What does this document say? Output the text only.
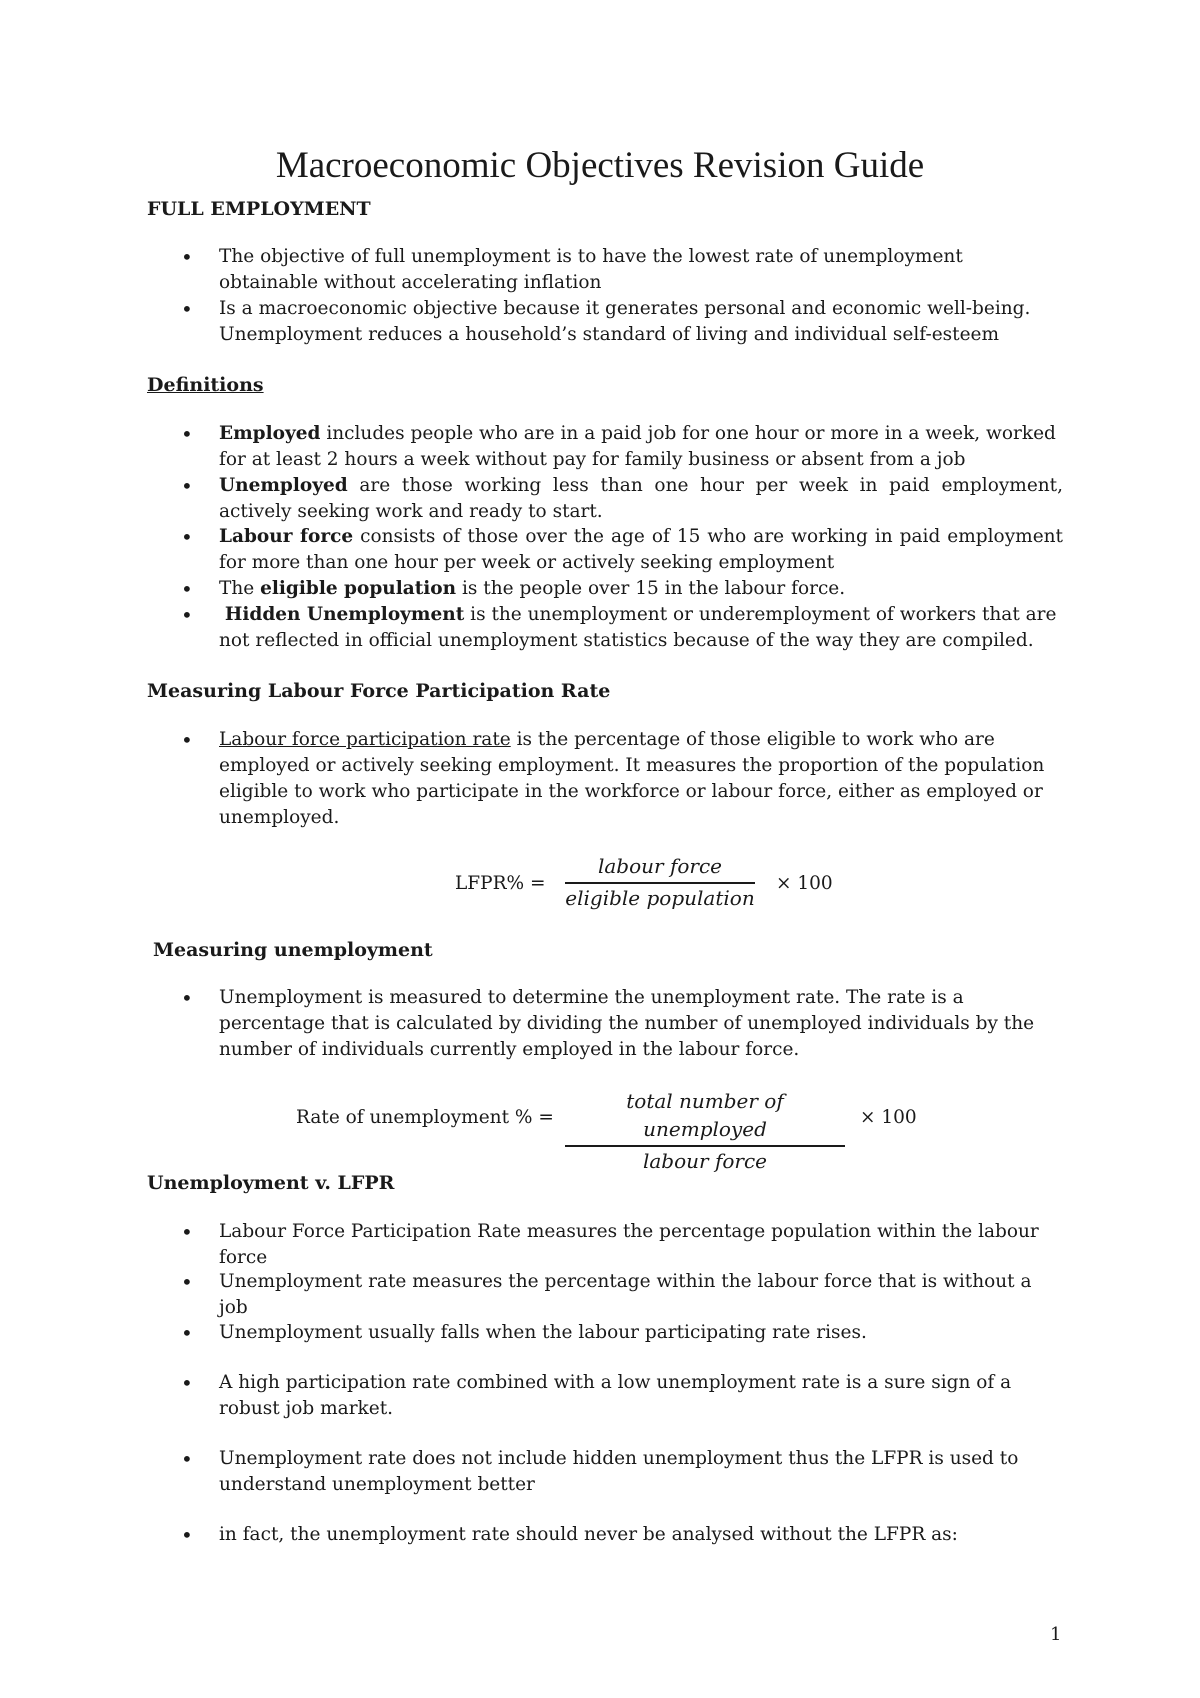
Macroeconomic Objectives Revision Guide
FULL EMPLOYMENT
• The objective of full unemployment is to have the lowest rate of unemployment obtainable without accelerating inflation
• Is a macroeconomic objective because it generates personal and economic well-being. Unemployment reduces a household’s standard of living and individual self-esteem
Definitions
• Employed includes people who are in a paid job for one hour or more in a week, worked for at least 2 hours a week without pay for family business or absent from a job
• Unemployed are those working less than one hour per week in paid employment, actively seeking work and ready to start.
• Labour force consists of those over the age of 15 who are working in paid employment for more than one hour per week or actively seeking employment
• The eligible population is the people over 15 in the labour force.
•	Hidden Unemployment is the unemployment or underemployment of workers that are not reflected in official unemployment statistics because of the way they are compiled.
Measuring Labour Force Participation Rate
• Labour force participation rate is the percentage of those eligible to work who are employed or actively seeking employment. It measures the proportion of the population eligible to work who participate in the workforce or labour force, either as employed or unemployed.
LFPR% =
labour force
eligible population
× 100
Measuring unemployment
• Unemployment is measured to determine the unemployment rate. The rate is a percentage that is calculated by dividing the number of unemployed individuals by the number of individuals currently employed in the labour force.
Rate of unemployment % =
total number of unemployed
labour force
× 100
Unemployment v. LFPR
• Labour Force Participation Rate measures the percentage population within the labour force
• Unemployment rate measures the percentage within the labour force that is without a job
• Unemployment usually falls when the labour participating rate rises.
• A high participation rate combined with a low unemployment rate is a sure sign of a robust job market.
• Unemployment rate does not include hidden unemployment thus the LFPR is used to understand unemployment better
• in fact, the unemployment rate should never be analysed without the LFPR as:
1
